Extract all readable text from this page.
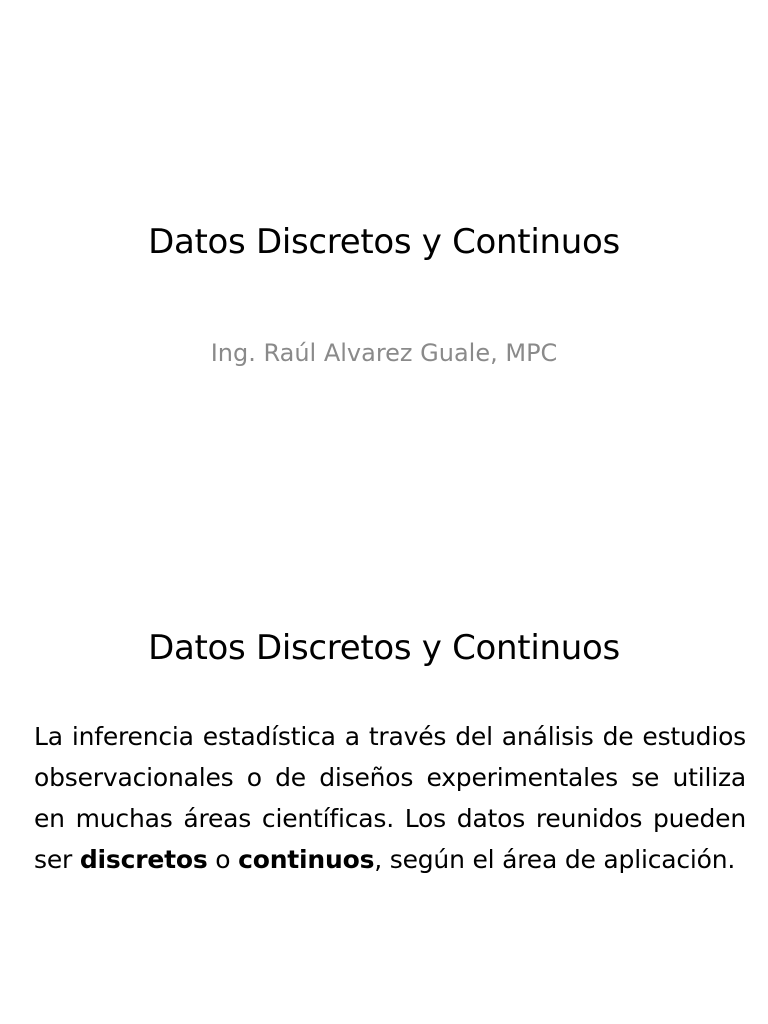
Datos Discretos y Continuos

Ing. Raúl Alvarez Guale, MPC

Datos Discretos y Continuos

La inferencia estadística a través del análisis de estudios observacionales o de diseños experimentales se utiliza en muchas áreas científicas. Los datos reunidos pueden ser discretos o continuos, según el área de aplicación.
